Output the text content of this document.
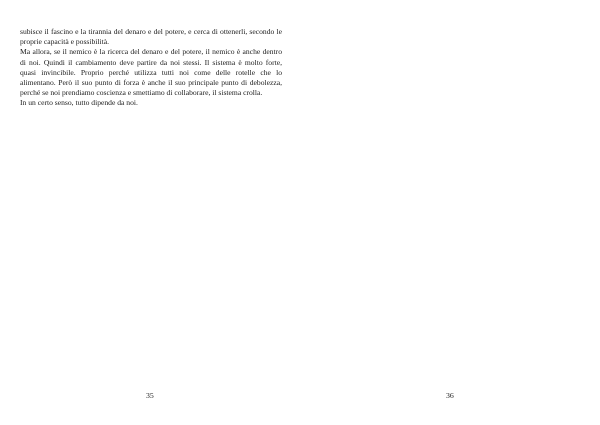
subisce il fascino e la tirannia del denaro e del potere, e cerca di ottenerli, secondo le proprie capacità e possibilità.

Ma allora, se il nemico è la ricerca del denaro e del potere, il nemico è anche dentro di noi. Quindi il cambiamento deve partire da noi stessi. Il sistema è molto forte, quasi invincibile. Proprio perché utilizza tutti noi come delle rotelle che lo alimentano. Però il suo punto di forza è anche il suo principale punto di debolezza, perché se noi prendiamo coscienza e smettiamo di collaborare, il sistema crolla.

In un certo senso, tutto dipende da noi.

35	36
